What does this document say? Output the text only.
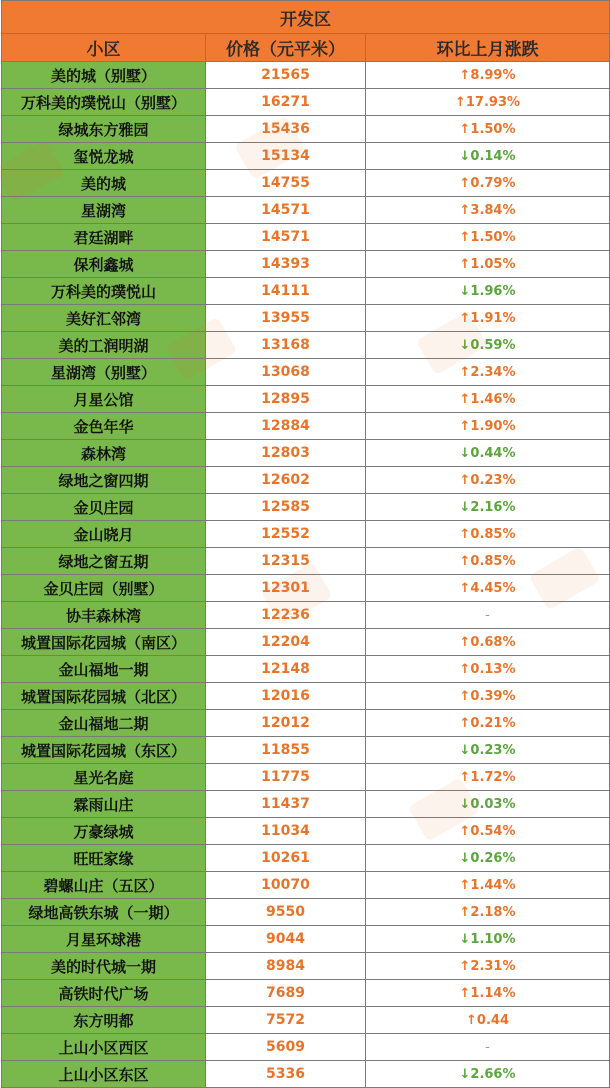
开发区		
小区	价格（元平米）	环比上月涨跌
美的城（别墅）	21565	↑8.99%
万科美的璞悦山（别墅）	16271	↑17.93%
绿城东方雅园	15436	↑1.50%
玺悦龙城	15134	↓0.14%
美的城	14755	↑0.79%
星湖湾	14571	↑3.84%
君廷湖畔	14571	↑1.50%
保利鑫城	14393	↑1.05%
万科美的璞悦山	14111	↓1.96%
美好汇邻湾	13955	↑1.91%
美的工润明湖	13168	↓0.59%
星湖湾（别墅）	13068	↑2.34%
月星公馆	12895	↑1.46%
金色年华	12884	↑1.90%
森林湾	12803	↓0.44%
绿地之窗四期	12602	↑0.23%
金贝庄园	12585	↓2.16%
金山晓月	12552	↑0.85%
绿地之窗五期	12315	↑0.85%
金贝庄园（别墅）	12301	↑4.45%
协丰森林湾	12236	-
城置国际花园城（南区）	12204	↑0.68%
金山福地一期	12148	↑0.13%
城置国际花园城（北区）	12016	↑0.39%
金山福地二期	12012	↑0.21%
城置国际花园城（东区）	11855	↓0.23%
星光名庭	11775	↑1.72%
霖雨山庄	11437	↓0.03%
万豪绿城	11034	↑0.54%
旺旺家缘	10261	↓0.26%
碧螺山庄（五区）	10070	↑1.44%
绿地高铁东城（一期）	9550	↑2.18%
月星环球港	9044	↓1.10%
美的时代城一期	8984	↑2.31%
高铁时代广场	7689	↑1.14%
东方明都	7572	↑0.44
上山小区西区	5609	-
上山小区东区	5336	↓2.66%
